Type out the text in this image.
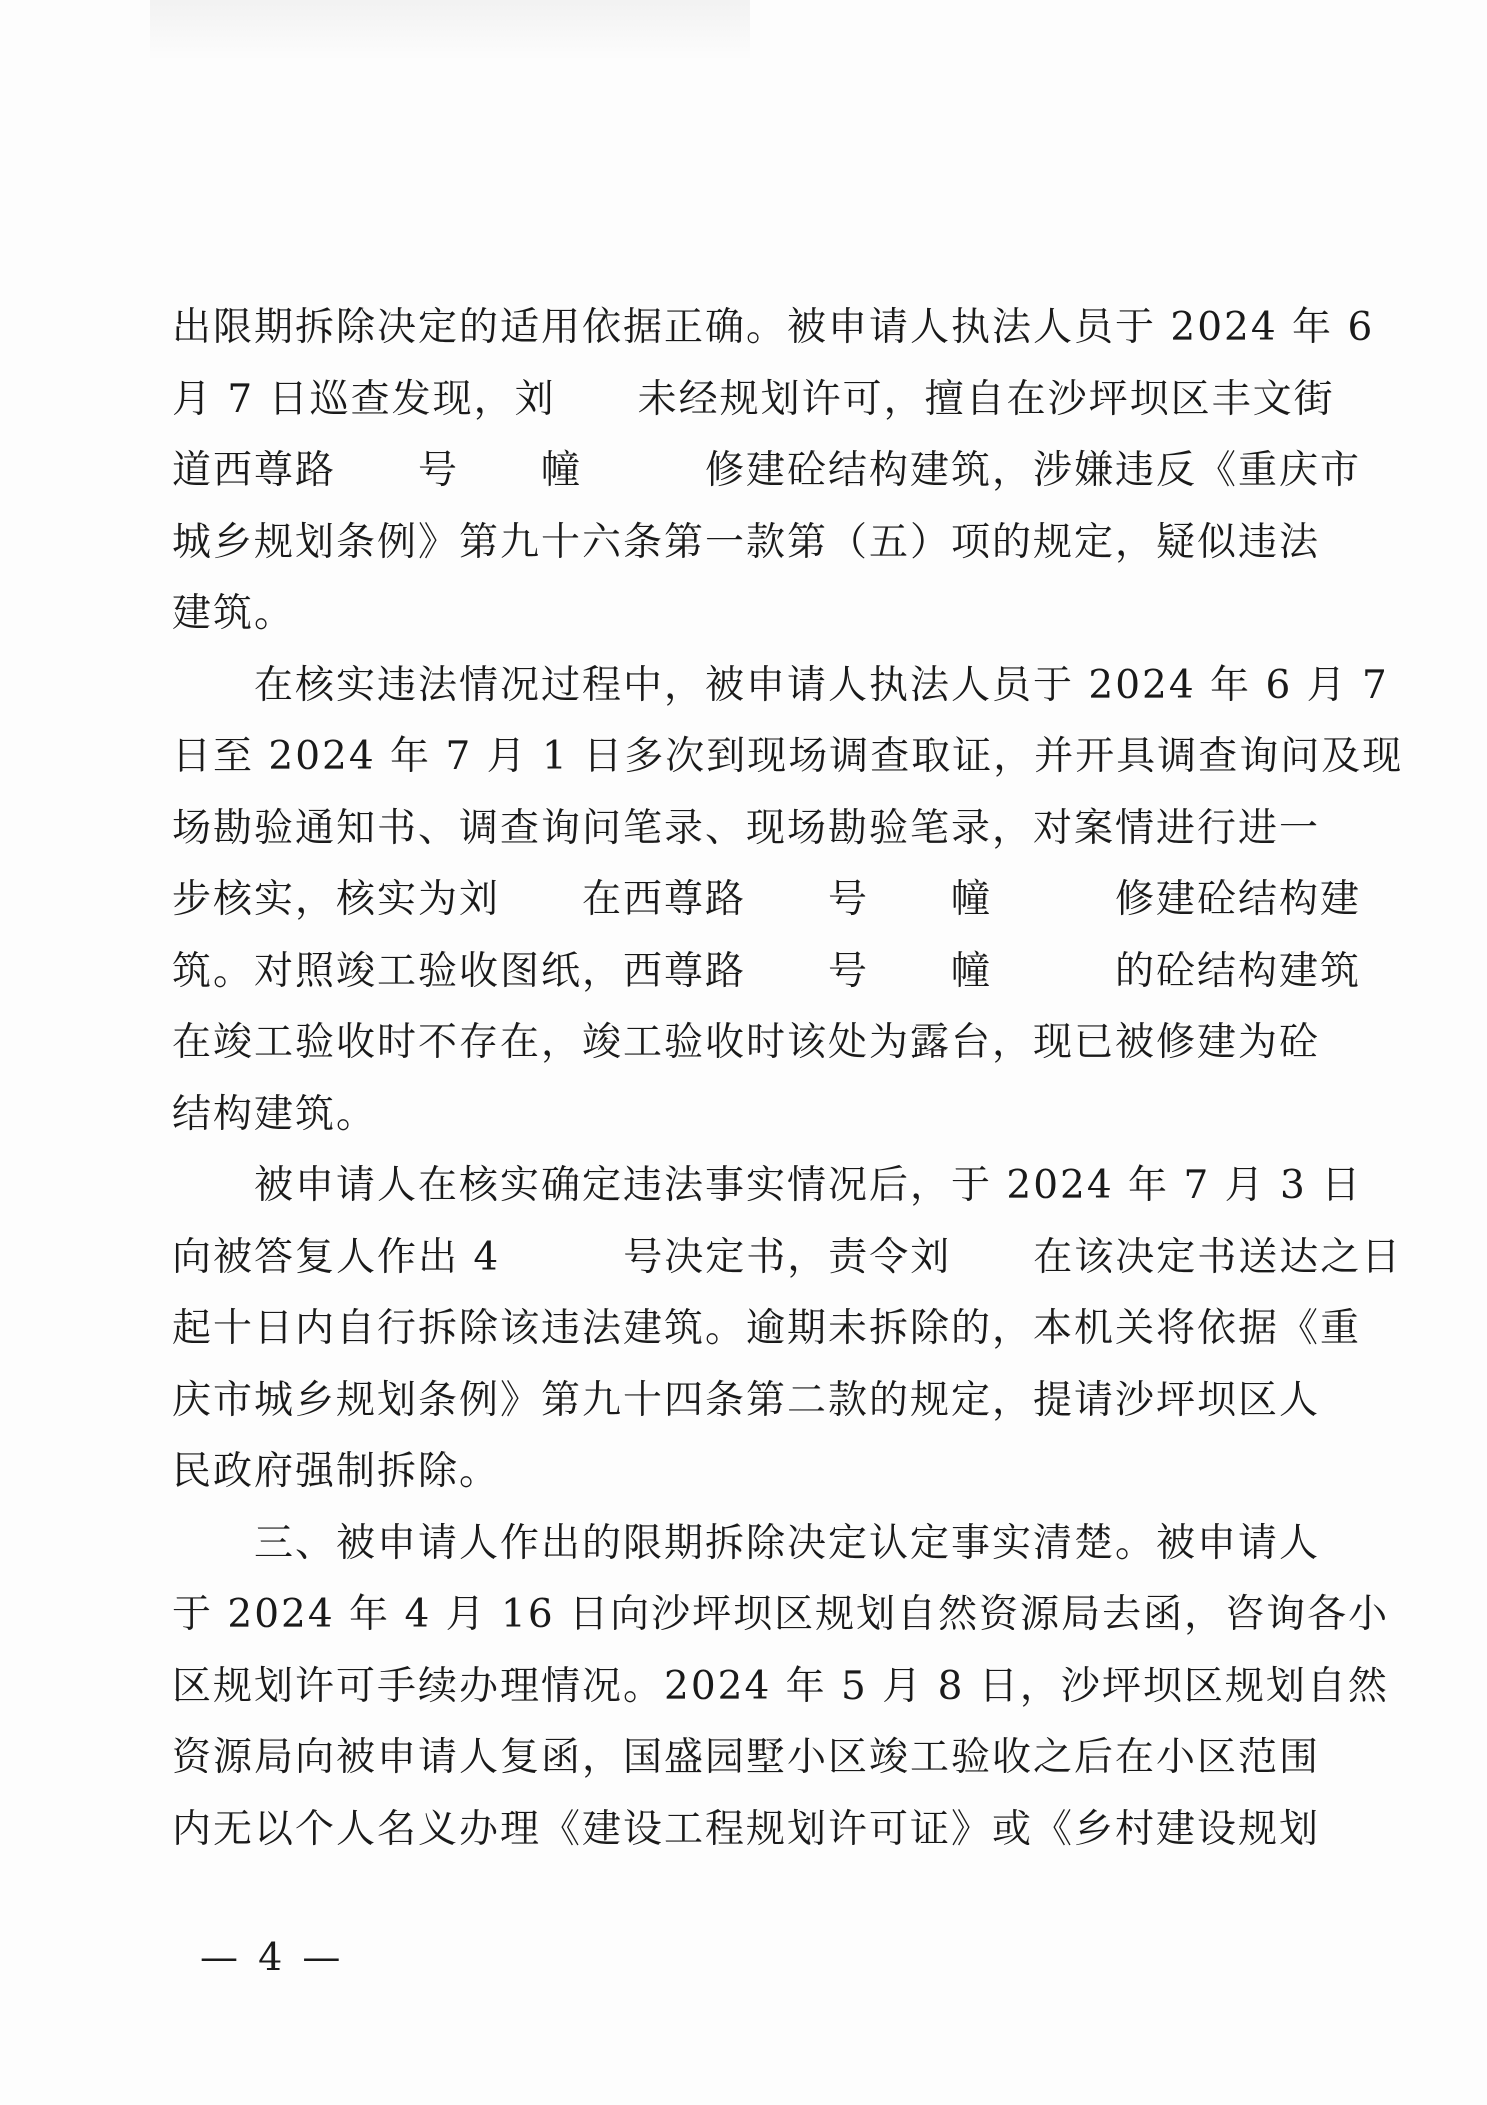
出限期拆除决定的适用依据正确。被申请人执法人员于 2024 年 6
月 7 日巡查发现，刘　　未经规划许可，擅自在沙坪坝区丰文街
道西尊路　　号　　幢　　　修建砼结构建筑，涉嫌违反《重庆市
城乡规划条例》第九十六条第一款第（五）项的规定，疑似违法
建筑。

　　在核实违法情况过程中，被申请人执法人员于 2024 年 6 月 7
日至 2024 年 7 月 1 日多次到现场调查取证，并开具调查询问及现
场勘验通知书、调查询问笔录、现场勘验笔录，对案情进行进一
步核实，核实为刘　　在西尊路　　号　　幢　　　修建砼结构建
筑。对照竣工验收图纸，西尊路　　号　　幢　　　的砼结构建筑
在竣工验收时不存在，竣工验收时该处为露台，现已被修建为砼
结构建筑。

　　被申请人在核实确定违法事实情况后，于 2024 年 7 月 3 日
向被答复人作出 4　　　号决定书，责令刘　　在该决定书送达之日
起十日内自行拆除该违法建筑。逾期未拆除的，本机关将依据《重
庆市城乡规划条例》第九十四条第二款的规定，提请沙坪坝区人
民政府强制拆除。

　　三、被申请人作出的限期拆除决定认定事实清楚。被申请人
于 2024 年 4 月 16 日向沙坪坝区规划自然资源局去函，咨询各小
区规划许可手续办理情况。2024 年 5 月 8 日，沙坪坝区规划自然
资源局向被申请人复函，国盛园墅小区竣工验收之后在小区范围
内无以个人名义办理《建设工程规划许可证》或《乡村建设规划

— 4 —
